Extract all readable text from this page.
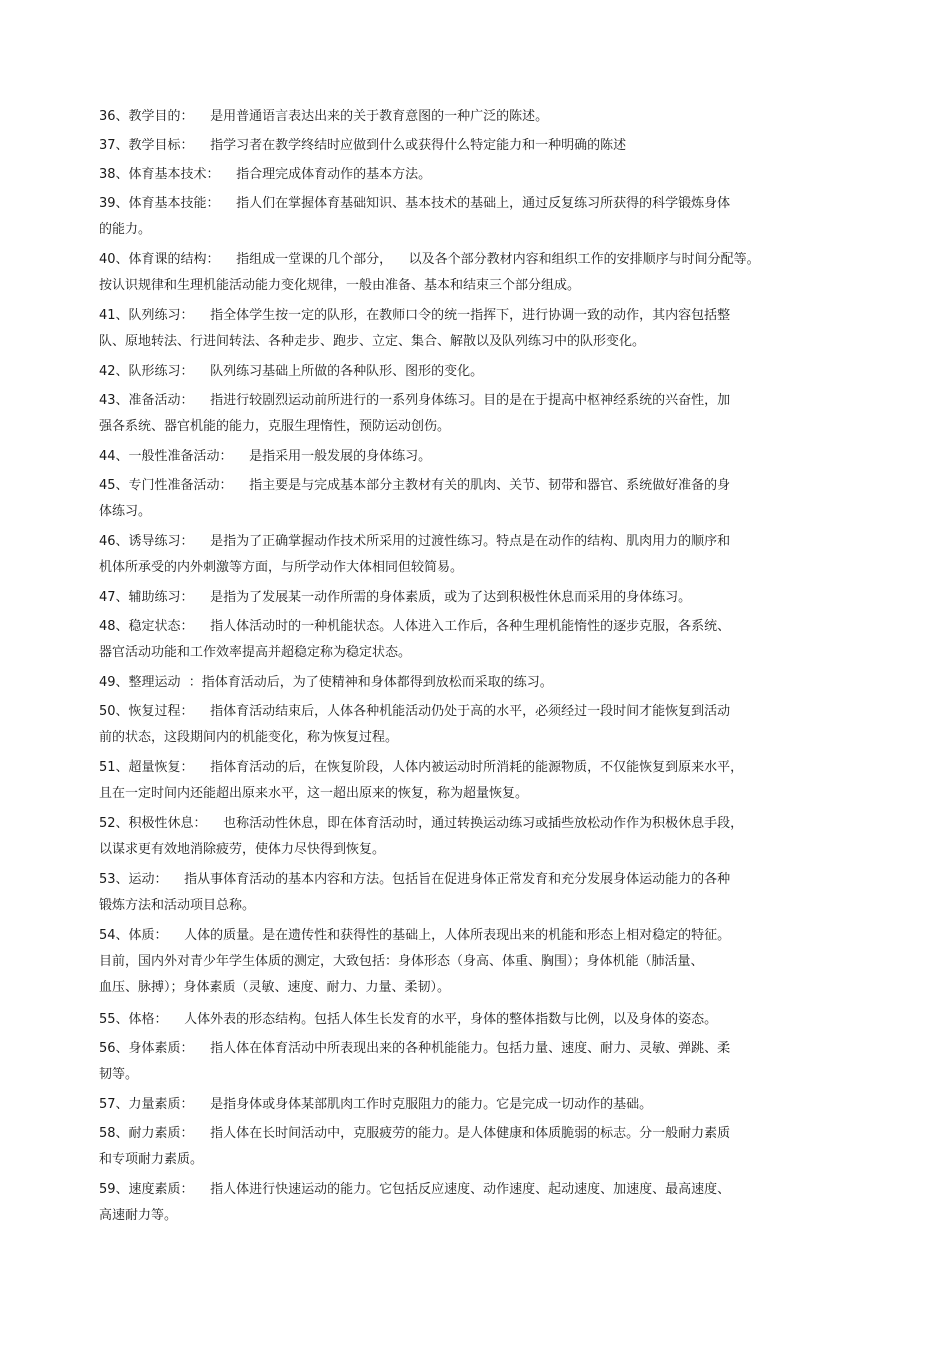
36、教学目的：    是用普通语言表达出来的关于教育意图的一种广泛的陈述。
37、教学目标：    指学习者在教学终结时应做到什么或获得什么特定能力和一种明确的陈述
38、体育基本技术：    指合理完成体育动作的基本方法。
39、体育基本技能：    指人们在掌握体育基础知识、基本技术的基础上，通过反复练习所获得的科学锻炼身体
的能力。
40、体育课的结构：    指组成一堂课的几个部分，    以及各个部分教材内容和组织工作的安排顺序与时间分配等。
按认识规律和生理机能活动能力变化规律，一般由准备、基本和结束三个部分组成。
41、队列练习：    指全体学生按一定的队形，在教师口令的统一指挥下，进行协调一致的动作，其内容包括整
队、原地转法、行进间转法、各种走步、跑步、立定、集合、解散以及队列练习中的队形变化。
42、队形练习：    队列练习基础上所做的各种队形、图形的变化。
43、准备活动：    指进行较剧烈运动前所进行的一系列身体练习。目的是在于提高中枢神经系统的兴奋性，加
强各系统、器官机能的能力，克服生理惰性，预防运动创伤。
44、一般性准备活动：    是指采用一般发展的身体练习。
45、专门性准备活动：    指主要是与完成基本部分主教材有关的肌肉、关节、韧带和器官、系统做好准备的身
体练习。
46、诱导练习：    是指为了正确掌握动作技术所采用的过渡性练习。特点是在动作的结构、肌肉用力的顺序和
机体所承受的内外刺激等方面，与所学动作大体相同但较简易。
47、辅助练习：    是指为了发展某一动作所需的身体素质，或为了达到积极性休息而采用的身体练习。
48、稳定状态：    指人体活动时的一种机能状态。人体进入工作后，各种生理机能惰性的逐步克服，各系统、
器官活动功能和工作效率提高并超稳定称为稳定状态。
49、整理运动  ：指体育活动后，为了使精神和身体都得到放松而采取的练习。
50、恢复过程：    指体育活动结束后，人体各种机能活动仍处于高的水平，必须经过一段时间才能恢复到活动
前的状态，这段期间内的机能变化，称为恢复过程。
51、超量恢复：    指体育活动的后，在恢复阶段，人体内被运动时所消耗的能源物质，不仅能恢复到原来水平，
且在一定时间内还能超出原来水平，这一超出原来的恢复，称为超量恢复。
52、积极性休息：    也称活动性休息，即在体育活动时，通过转换运动练习或插些放松动作作为积极休息手段，
以谋求更有效地消除疲劳，使体力尽快得到恢复。
53、运动：    指从事体育活动的基本内容和方法。包括旨在促进身体正常发育和充分发展身体运动能力的各种
锻炼方法和活动项目总称。
54、体质：    人体的质量。是在遗传性和获得性的基础上，人体所表现出来的机能和形态上相对稳定的特征。
目前，国内外对青少年学生体质的测定，大致包括：身体形态（身高、体重、胸围）；身体机能（肺活量、
血压、脉搏）；身体素质（灵敏、速度、耐力、力量、柔韧）。
55、体格：    人体外表的形态结构。包括人体生长发育的水平，身体的整体指数与比例，以及身体的姿态。
56、身体素质：    指人体在体育活动中所表现出来的各种机能能力。包括力量、速度、耐力、灵敏、弹跳、柔
韧等。
57、力量素质：    是指身体或身体某部肌肉工作时克服阻力的能力。它是完成一切动作的基础。
58、耐力素质：    指人体在长时间活动中，克服疲劳的能力。是人体健康和体质脆弱的标志。分一般耐力素质
和专项耐力素质。
59、速度素质：    指人体进行快速运动的能力。它包括反应速度、动作速度、起动速度、加速度、最高速度、
高速耐力等。
